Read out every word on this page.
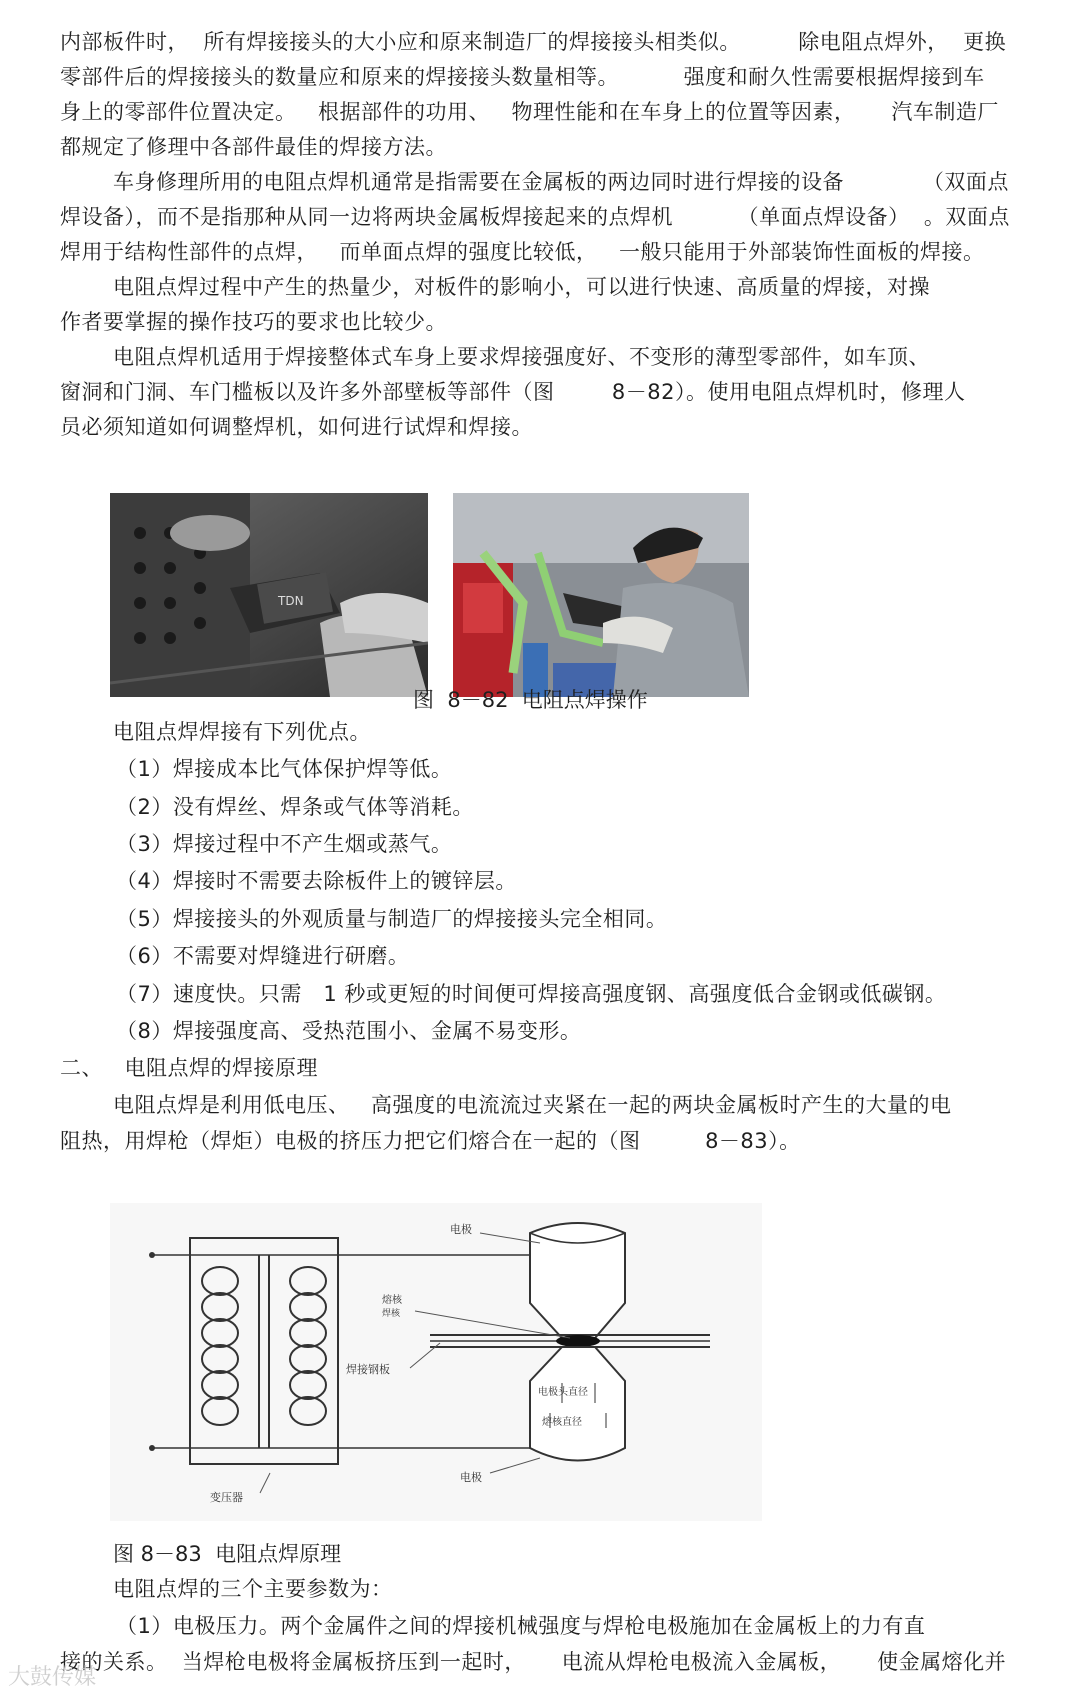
内部板件时，  所有焊接接头的大小应和原来制造厂的焊接接头相类似。        除电阻点焊外，  更换
零部件后的焊接接头的数量应和原来的焊接接头数量相等。         强度和耐久性需要根据焊接到车
身上的零部件位置决定。   根据部件的功用、   物理性能和在车身上的位置等因素，     汽车制造厂
都规定了修理中各部件最佳的焊接方法。
车身修理所用的电阻点焊机通常是指需要在金属板的两边同时进行焊接的设备           （双面点
焊设备），而不是指那种从同一边将两块金属板焊接起来的点焊机         （单面点焊设备）  。双面点
焊用于结构性部件的点焊，   而单面点焊的强度比较低，   一般只能用于外部装饰性面板的焊接。
电阻点焊过程中产生的热量少，对板件的影响小，可以进行快速、高质量的焊接，对操
作者要掌握的操作技巧的要求也比较少。
电阻点焊机适用于焊接整体式车身上要求焊接强度好、不变形的薄型零部件，如车顶、
窗洞和门洞、车门槛板以及许多外部壁板等部件（图        8－82）。使用电阻点焊机时，修理人
员必须知道如何调整焊机，如何进行试焊和焊接。
TDN
图  8－82  电阻点焊操作
电阻点焊焊接有下列优点。
（1）焊接成本比气体保护焊等低。
（2）没有焊丝、焊条或气体等消耗。
（3）焊接过程中不产生烟或蒸气。
（4）焊接时不需要去除板件上的镀锌层。
（5）焊接接头的外观质量与制造厂的焊接接头完全相同。
（6）不需要对焊缝进行研磨。
（7）速度快。只需   1 秒或更短的时间便可焊接高强度钢、高强度低合金钢或低碳钢。
（8）焊接强度高、受热范围小、金属不易变形。
二、   电阻点焊的焊接原理
电阻点焊是利用低电压、   高强度的电流流过夹紧在一起的两块金属板时产生的大量的电
阻热，用焊枪（焊炬）电极的挤压力把它们熔合在一起的（图         8－83）。
电极
熔核
焊核
焊接钢板
电极头直径
熔核直径
电极
变压器
图 8－83  电阻点焊原理
电阻点焊的三个主要参数为：
（1）电极压力。两个金属件之间的焊接机械强度与焊枪电极施加在金属板上的力有直
接的关系。  当焊枪电极将金属板挤压到一起时，     电流从焊枪电极流入金属板，     使金属熔化并
大鼓传媒
